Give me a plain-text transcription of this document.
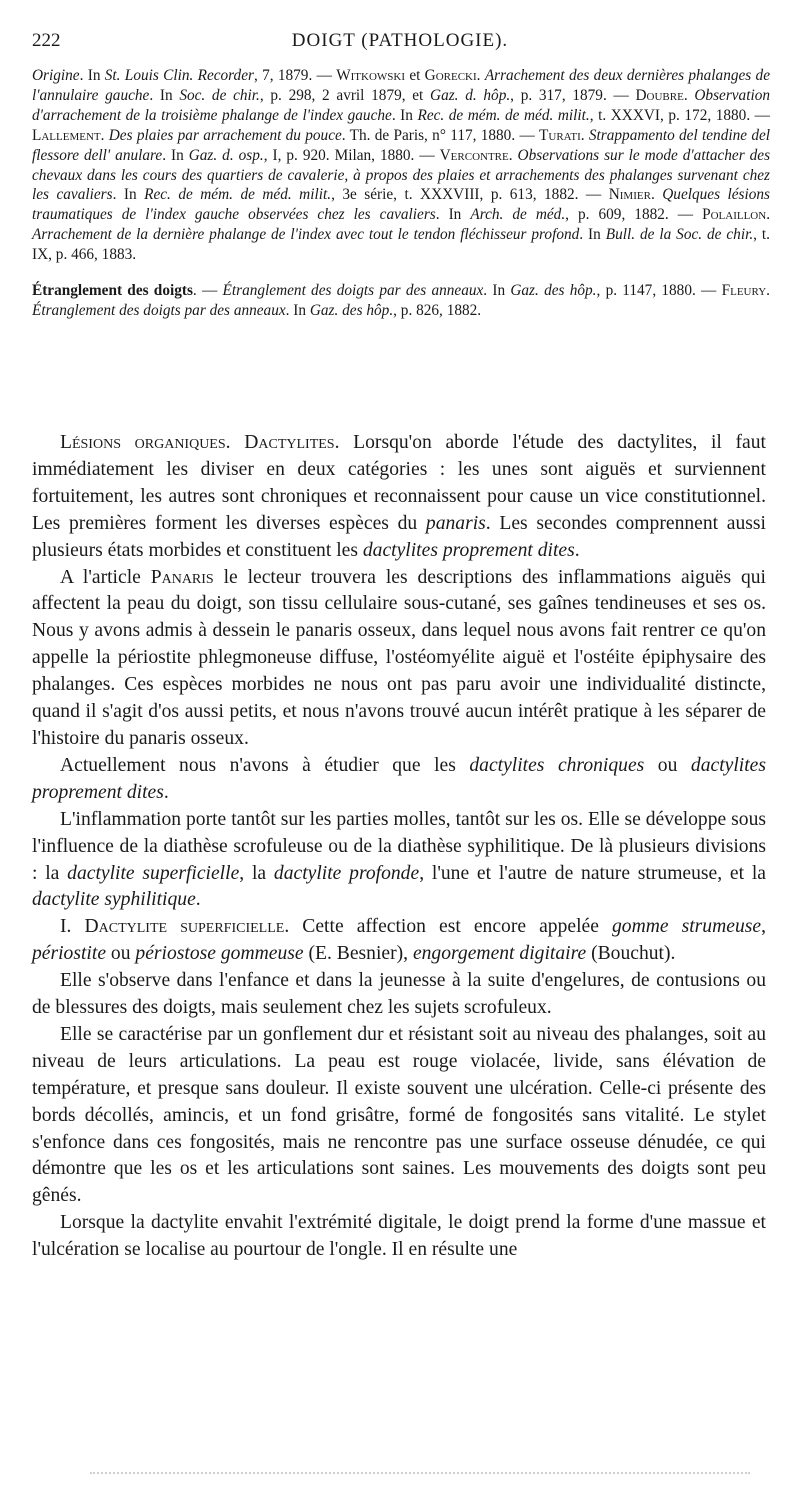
222	DOIGT (PATHOLOGIE).

Origine. In St. Louis Clin. Recorder, 7, 1879. — Witkowski et Gorecki. Arrachement des deux dernières phalanges de l'annulaire gauche. In Soc. de chir., p. 298, 2 avril 1879, et Gaz. d. hôp., p. 317, 1879. — Doubre. Observation d'arrachement de la troisième phalange de l'index gauche. In Rec. de mém. de méd. milit., t. XXXVI, p. 172, 1880. — Lallement. Des plaies par arrachement du pouce. Th. de Paris, n° 117, 1880. — Turati. Strappamento del tendine del flessore dell' anulare. In Gaz. d. osp., I, p. 920. Milan, 1880. — Vercontre. Observations sur le mode d'attacher des chevaux dans les cours des quartiers de cavalerie, à propos des plaies et arrachements des phalanges survenant chez les cavaliers. In Rec. de mém. de méd. milit., 3e série, t. XXXVIII, p. 613, 1882. — Nimier. Quelques lésions traumatiques de l'index gauche observées chez les cavaliers. In Arch. de méd., p. 609, 1882. — Polaillon. Arrachement de la dernière phalange de l'index avec tout le tendon fléchisseur profond. In Bull. de la Soc. de chir., t. IX, p. 466, 1883.

Étranglement des doigts. — Étranglement des doigts par des anneaux. In Gaz. des hôp., p. 1147, 1880. — Fleury. Étranglement des doigts par des anneaux. In Gaz. des hôp., p. 826, 1882.

Lésions organiques. Dactylites. Lorsqu'on aborde l'étude des dactylites, il faut immédiatement les diviser en deux catégories : les unes sont aiguës et surviennent fortuitement, les autres sont chroniques et reconnaissent pour cause un vice constitutionnel. Les premières forment les diverses espèces du panaris. Les secondes comprennent aussi plusieurs états morbides et constituent les dactylites proprement dites.

A l'article Panaris le lecteur trouvera les descriptions des inflammations aiguës qui affectent la peau du doigt, son tissu cellulaire sous-cutané, ses gaînes tendineuses et ses os. Nous y avons admis à dessein le panaris osseux, dans lequel nous avons fait rentrer ce qu'on appelle la périostite phlegmoneuse diffuse, l'ostéomyélite aiguë et l'ostéite épiphysaire des phalanges. Ces espèces morbides ne nous ont pas paru avoir une individualité distincte, quand il s'agit d'os aussi petits, et nous n'avons trouvé aucun intérêt pratique à les séparer de l'histoire du panaris osseux.

Actuellement nous n'avons à étudier que les dactylites chroniques ou dactylites proprement dites.

L'inflammation porte tantôt sur les parties molles, tantôt sur les os. Elle se développe sous l'influence de la diathèse scrofuleuse ou de la diathèse syphilitique. De là plusieurs divisions : la dactylite superficielle, la dactylite profonde, l'une et l'autre de nature strumeuse, et la dactylite syphilitique.

I. Dactylite superficielle. Cette affection est encore appelée gomme strumeuse, périostite ou périostose gommeuse (E. Besnier), engorgement digitaire (Bouchut).

Elle s'observe dans l'enfance et dans la jeunesse à la suite d'engelures, de contusions ou de blessures des doigts, mais seulement chez les sujets scrofuleux.

Elle se caractérise par un gonflement dur et résistant soit au niveau des phalanges, soit au niveau de leurs articulations. La peau est rouge violacée, livide, sans élévation de température, et presque sans douleur. Il existe souvent une ulcération. Celle-ci présente des bords décollés, amincis, et un fond grisâtre, formé de fongosités sans vitalité. Le stylet s'enfonce dans ces fongosités, mais ne rencontre pas une surface osseuse dénudée, ce qui démontre que les os et les articulations sont saines. Les mouvements des doigts sont peu gênés.

Lorsque la dactylite envahit l'extrémité digitale, le doigt prend la forme d'une massue et l'ulcération se localise au pourtour de l'ongle. Il en résulte une
